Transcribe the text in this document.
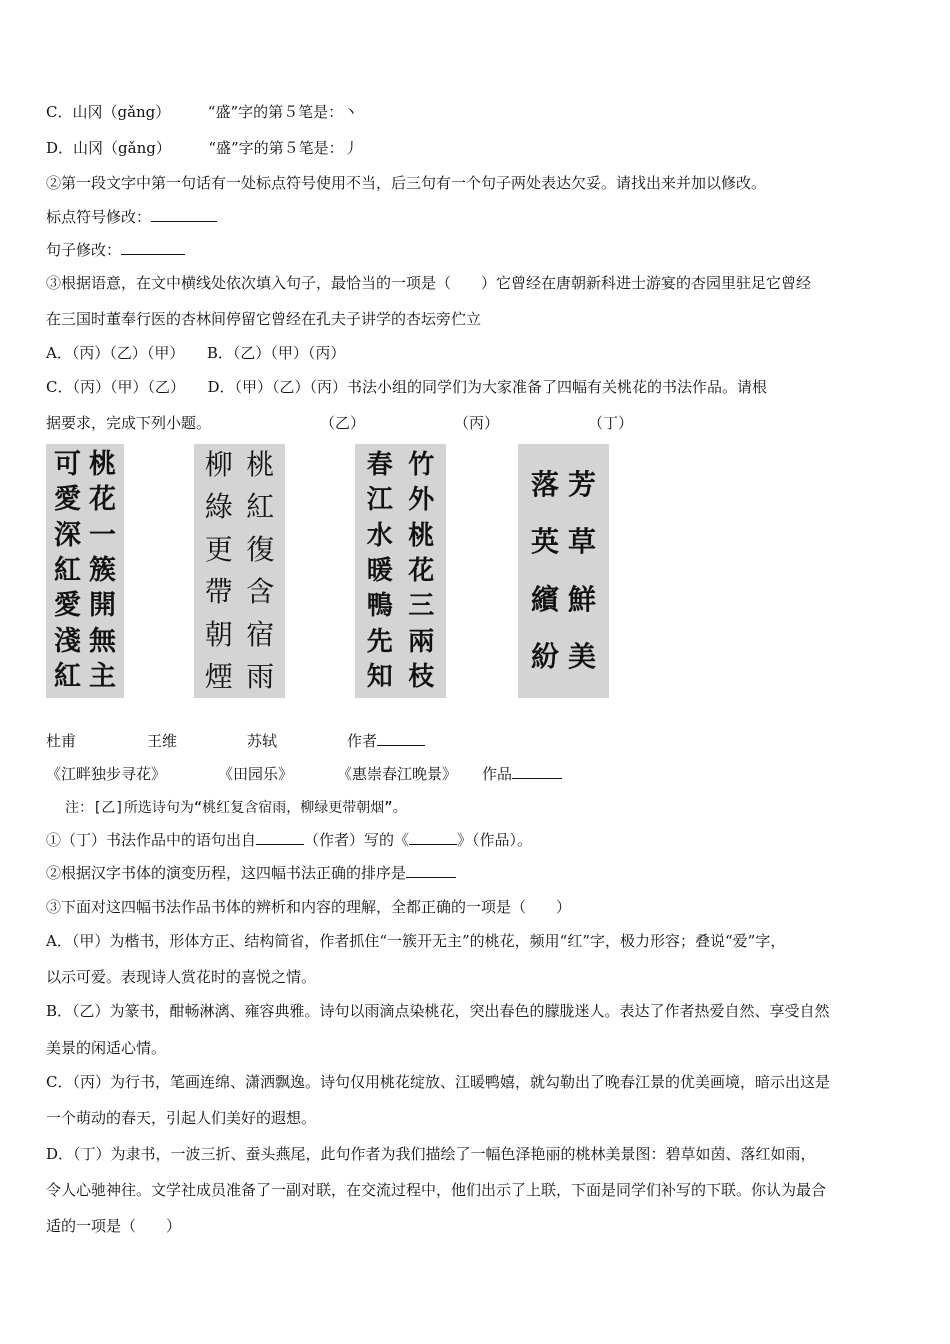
C．山冈（gǎng）　　　“盛”字的第５笔是：丶
D．山冈（gǎng）　　　“盛”字的第５笔是：丿
②第一段文字中第一句话有一处标点符号使用不当，后三句有一个句子两处表达欠妥。请找出来并加以修改。
标点符号修改：
句子修改：
③根据语意，在文中横线处依次填入句子，最恰当的一项是（　　）它曾经在唐朝新科进士游宴的杏园里驻足它曾经
在三国时董奉行医的杏林间停留它曾经在孔夫子讲学的杏坛旁伫立
A．（丙）（乙）（甲）　　B．（乙）（甲）（丙）
C．（丙）（甲）（乙）　　D．（甲）（乙）（丙）书法小组的同学们为大家准备了四幅有关桃花的书法作品。请根
据要求，完成下列小题。	（乙）	（丙）	（丁）
桃
花
一
簇
開
無
主
可
愛
深
紅
愛
淺
紅
桃
紅
復
含
宿
雨
柳
綠
更
帶
朝
煙
竹
外
桃
花
三
兩
枝
春
江
水
暖
鴨
先
知
芳
草
鮮
美
落
英
繽
紛
杜甫	王维	苏轼	作者
《江畔独步寻花》	《田园乐》	《惠崇春江晚景》 作品
注：[乙]所选诗句为“桃红复含宿雨，柳绿更带朝烟”。
①（丁）书法作品中的语句出自	（作者）写的《	》（作品）。
②根据汉字书体的演变历程，这四幅书法正确的排序是
③下面对这四幅书法作品书体的辨析和内容的理解，全都正确的一项是（　　）
A．（甲）为楷书，形体方正、结构简省，作者抓住“一簇开无主”的桃花，频用“红”字，极力形容；叠说“爱”字，
以示可爱。表现诗人赏花时的喜悦之情。
B．（乙）为篆书，酣畅淋漓、雍容典雅。诗句以雨滴点染桃花，突出春色的朦胧迷人。表达了作者热爱自然、享受自然
美景的闲适心情。
C．（丙）为行书，笔画连绵、潇洒飘逸。诗句仅用桃花绽放、江暖鸭嬉，就勾勒出了晚春江景的优美画境，暗示出这是
一个萌动的春天，引起人们美好的遐想。
D．（丁）为隶书，一波三折、蚕头燕尾，此句作者为我们描绘了一幅色泽艳丽的桃林美景图：碧草如茵、落红如雨，
令人心驰神往。文学社成员准备了一副对联，在交流过程中，他们出示了上联，下面是同学们补写的下联。你认为最合
适的一项是（　　）
